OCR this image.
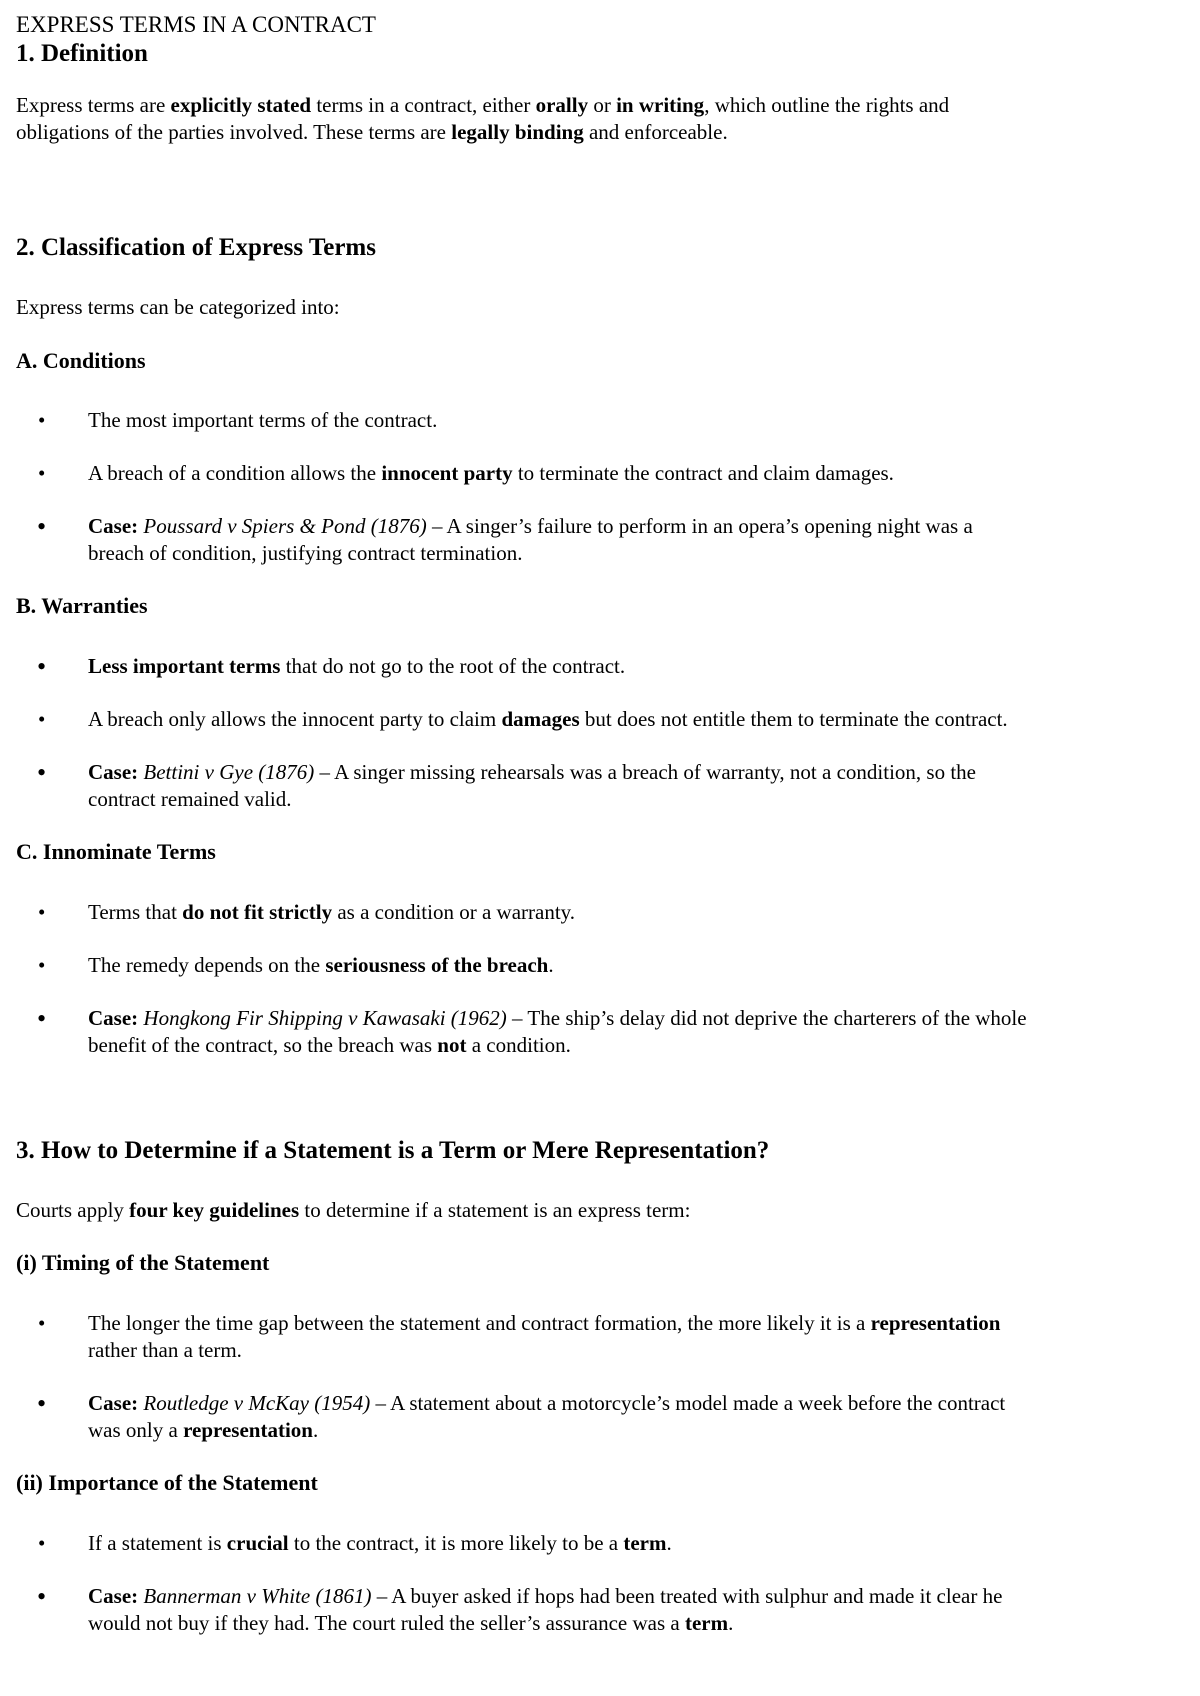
EXPRESS TERMS IN A CONTRACT
1. Definition
Express terms are explicitly stated terms in a contract, either orally or in writing, which outline the rights and
obligations of the parties involved. These terms are legally binding and enforceable.
2. Classification of Express Terms
Express terms can be categorized into:
A. Conditions
• The most important terms of the contract.
• A breach of a condition allows the innocent party to terminate the contract and claim damages.
• Case: Poussard v Spiers & Pond (1876) – A singer’s failure to perform in an opera’s opening night was a
breach of condition, justifying contract termination.
B. Warranties
• Less important terms that do not go to the root of the contract.
• A breach only allows the innocent party to claim damages but does not entitle them to terminate the contract.
• Case: Bettini v Gye (1876) – A singer missing rehearsals was a breach of warranty, not a condition, so the
contract remained valid.
C. Innominate Terms
• Terms that do not fit strictly as a condition or a warranty.
• The remedy depends on the seriousness of the breach.
• Case: Hongkong Fir Shipping v Kawasaki (1962) – The ship’s delay did not deprive the charterers of the whole
benefit of the contract, so the breach was not a condition.
3. How to Determine if a Statement is a Term or Mere Representation?
Courts apply four key guidelines to determine if a statement is an express term:
(i) Timing of the Statement
• The longer the time gap between the statement and contract formation, the more likely it is a representation
rather than a term.
• Case: Routledge v McKay (1954) – A statement about a motorcycle’s model made a week before the contract
was only a representation.
(ii) Importance of the Statement
• If a statement is crucial to the contract, it is more likely to be a term.
• Case: Bannerman v White (1861) – A buyer asked if hops had been treated with sulphur and made it clear he
would not buy if they had. The court ruled the seller’s assurance was a term.
